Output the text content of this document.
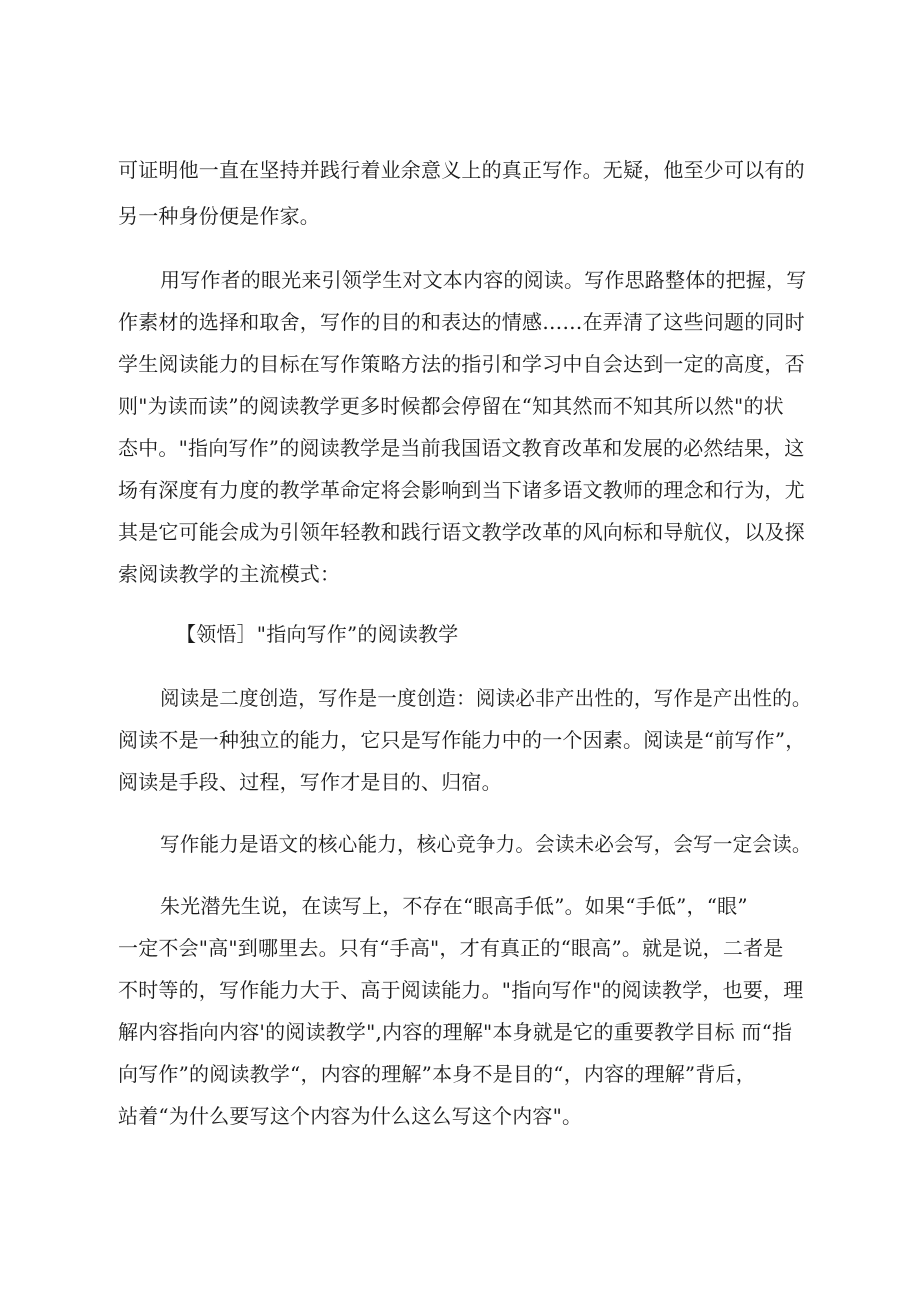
可证明他一直在坚持并践行着业余意义上的真正写作。无疑，他至少可以有的
另一种身份便是作家。
用写作者的眼光来引领学生对文本内容的阅读。写作思路整体的把握，写
作素材的选择和取舍，写作的目的和表达的情感……在弄清了这些问题的同时
学生阅读能力的目标在写作策略方法的指引和学习中自会达到一定的高度，否
则"为读而读”的阅读教学更多时候都会停留在“知其然而不知其所以然"的状
态中。"指向写作”的阅读教学是当前我国语文教育改革和发展的必然结果，这
场有深度有力度的教学革命定将会影响到当下诸多语文教师的理念和行为，尤
其是它可能会成为引领年轻教和践行语文教学改革的风向标和导航仪，以及探
索阅读教学的主流模式：
【领悟］"指向写作”的阅读教学
阅读是二度创造，写作是一度创造：阅读必非产出性的，写作是产出性的。
阅读不是一种独立的能力，它只是写作能力中的一个因素。阅读是“前写作”，
阅读是手段、过程，写作才是目的、归宿。
写作能力是语文的核心能力，核心竞争力。会读未必会写，会写一定会读。
朱光潜先生说，在读写上，不存在“眼高手低”。如果“手低”，“眼”
一定不会"高"到哪里去。只有“手高"，才有真正的“眼高”。就是说，二者是
不时等的，写作能力大于、高于阅读能力。"指向写作"的阅读教学，也要，理
解内容指向内容'的阅读教学",内容的理解"本身就是它的重要教学目标 而“指
向写作”的阅读教学“，内容的理解”本身不是目的“，内容的理解”背后，
站着“为什么要写这个内容为什么这么写这个内容"。
